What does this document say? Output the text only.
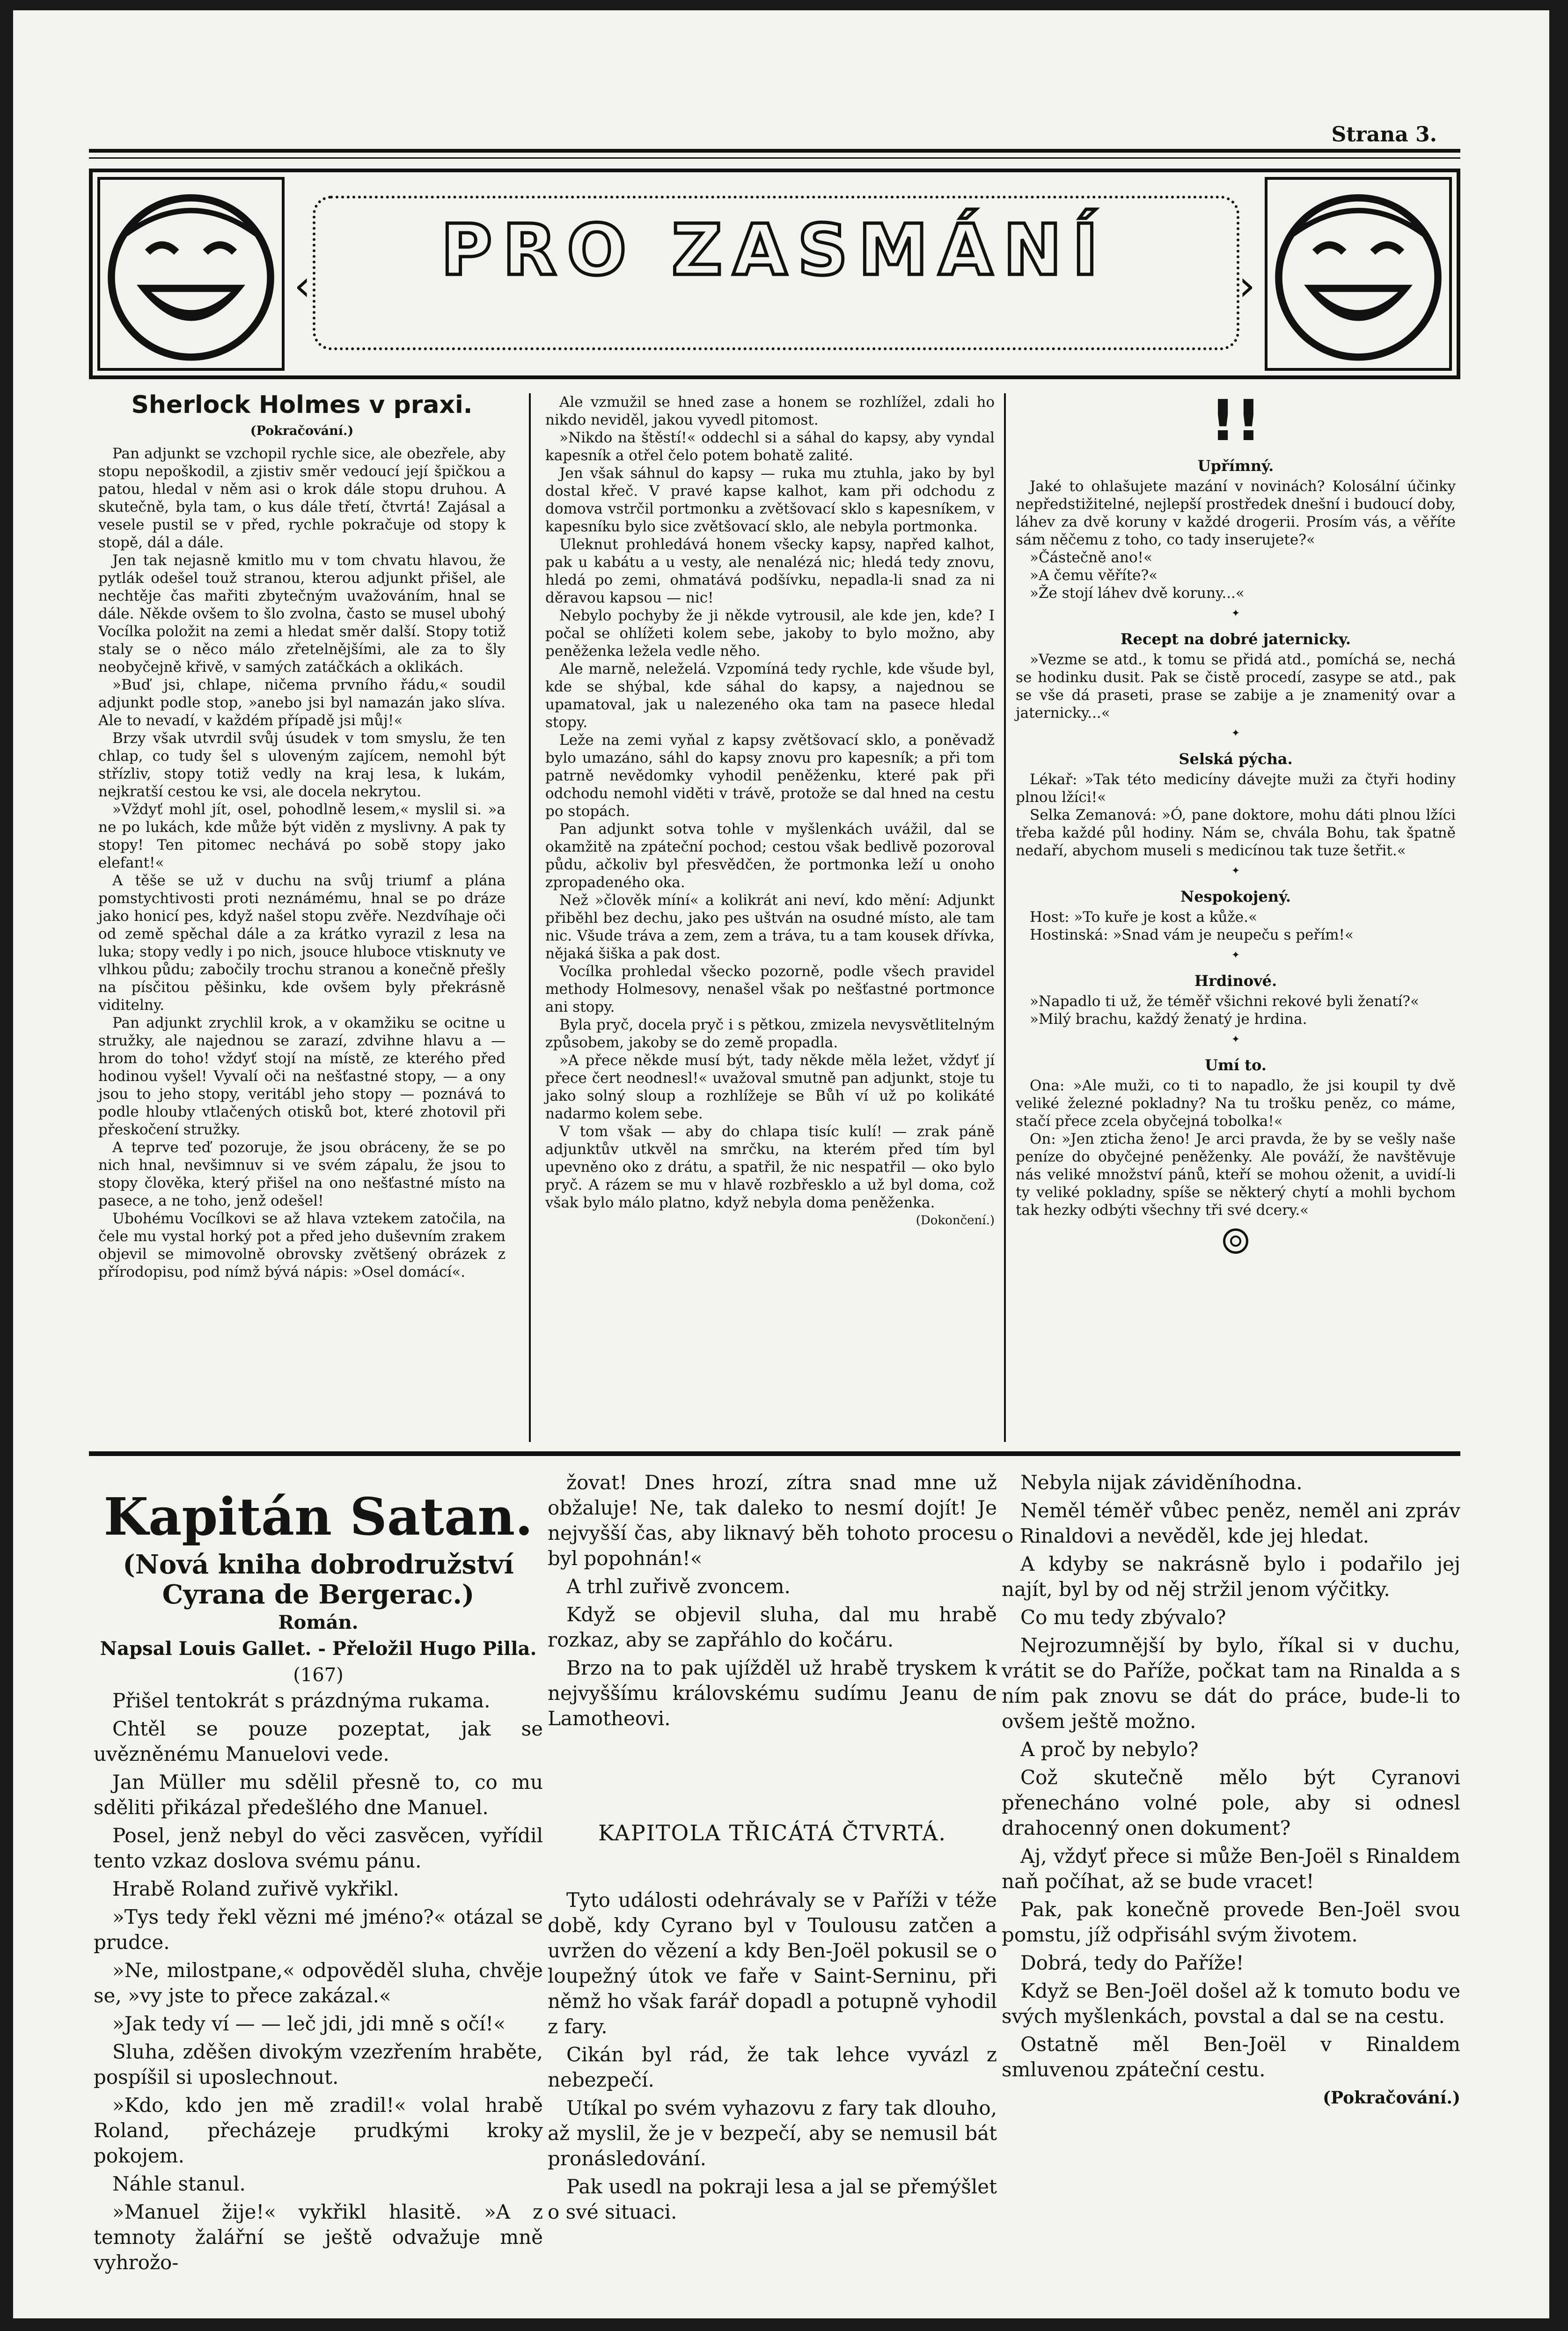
Strana 3.
‹	›
PRO ZASMÁNÍ
Sherlock Holmes v praxi.
(Pokračování.)

Pan adjunkt se vzchopil rychle sice, ale obezřele, aby stopu nepoškodil, a zjistiv směr vedoucí její špičkou a patou, hledal v něm asi o krok dále stopu druhou. A skutečně, byla tam, o kus dále třetí, čtvrtá! Zajásal a vesele pustil se v před, rychle pokračuje od stopy k stopě, dál a dále.

Jen tak nejasně kmitlo mu v tom chvatu hlavou, že pytlák odešel touž stranou, kterou adjunkt přišel, ale nechtěje čas mařiti zbytečným uvažováním, hnal se dále. Někde ovšem to šlo zvolna, často se musel ubohý Vocílka položit na zemi a hledat směr další. Stopy totiž staly se o něco málo zřetelnějšími, ale za to šly neobyčejně křivě, v samých zatáčkách a oklikách.

»Buď jsi, chlape, ničema prvního řádu,« soudil adjunkt podle stop, »anebo jsi byl namazán jako slíva. Ale to nevadí, v každém případě jsi můj!«

Brzy však utvrdil svůj úsudek v tom smyslu, že ten chlap, co tudy šel s uloveným zajícem, nemohl být střízliv, stopy totiž vedly na kraj lesa, k lukám, nejkratší cestou ke vsi, ale docela nekrytou.

»Vždyť mohl jít, osel, pohodlně lesem,« myslil si. »a ne po lukách, kde může být viděn z myslivny. A pak ty stopy! Ten pitomec nechává po sobě stopy jako elefant!«

A těše se už v duchu na svůj triumf a plána pomstychtivosti proti neznámému, hnal se po dráze jako honicí pes, když našel stopu zvěře. Nezdvíhaje oči od země spěchal dále a za krátko vyrazil z lesa na luka; stopy vedly i po nich, jsouce hluboce vtisknuty ve vlhkou půdu; zabočily trochu stranou a konečně přešly na písčitou pěšinku, kde ovšem byly překrásně viditelny.

Pan adjunkt zrychlil krok, a v okamžiku se ocitne u stružky, ale najednou se zarazí, zdvihne hlavu a — hrom do toho! vždyť stojí na místě, ze kterého před hodinou vyšel! Vyvalí oči na nešťastné stopy, — a ony jsou to jeho stopy, veritábl jeho stopy — poznává to podle hlouby vtlačených otisků bot, které zhotovil při přeskočení stružky.

A teprve teď pozoruje, že jsou obráceny, že se po nich hnal, nevšimnuv si ve svém zápalu, že jsou to stopy člověka, který přišel na ono nešťastné místo na pasece, a ne toho, jenž odešel!

Ubohému Vocílkovi se až hlava vztekem zatočila, na čele mu vystal horký pot a před jeho duševním zrakem objevil se mimovolně obrovsky zvětšený obrázek z přírodopisu, pod nímž bývá nápis: »Osel domácí«.

Ale vzmužil se hned zase a honem se rozhlížel, zdali ho nikdo neviděl, jakou vyvedl pitomost.

»Nikdo na štěstí!« oddechl si a sáhal do kapsy, aby vyndal kapesník a otřel čelo potem bohatě zalité.

Jen však sáhnul do kapsy — ruka mu ztuhla, jako by byl dostal křeč. V pravé kapse kalhot, kam při odchodu z domova vstrčil portmonku a zvětšovací sklo s kapesníkem, v kapesníku bylo sice zvětšovací sklo, ale nebyla portmonka.

Uleknut prohledává honem všecky kapsy, napřed kalhot, pak u kabátu a u vesty, ale nenalézá nic; hledá tedy znovu, hledá po zemi, ohmatává podšívku, nepadla-li snad za ni děravou kapsou — nic!

Nebylo pochyby že ji někde vytrousil, ale kde jen, kde? I počal se ohlížeti kolem sebe, jakoby to bylo možno, aby peněženka ležela vedle něho.

Ale marně, neleželá. Vzpomíná tedy rychle, kde všude byl, kde se shýbal, kde sáhal do kapsy, a najednou se upamatoval, jak u nalezeného oka tam na pasece hledal stopy.

Leže na zemi vyňal z kapsy zvětšovací sklo, a poněvadž bylo umazáno, sáhl do kapsy znovu pro kapesník; a při tom patrně nevědomky vyhodil peněženku, které pak při odchodu nemohl viděti v trávě, protože se dal hned na cestu po stopách.

Pan adjunkt sotva tohle v myšlenkách uvážil, dal se okamžitě na zpáteční pochod; cestou však bedlivě pozoroval půdu, ačkoliv byl přesvědčen, že portmonka leží u onoho zpropadeného oka.

Než »člověk míní« a kolikrát ani neví, kdo mění: Adjunkt přiběhl bez dechu, jako pes uštván na osudné místo, ale tam nic. Všude tráva a zem, zem a tráva, tu a tam kousek dřívka, nějaká šiška a pak dost.

Vocílka prohledal všecko pozorně, podle všech pravidel methody Holmesovy, nenašel však po nešťastné portmonce ani stopy.

Byla pryč, docela pryč i s pětkou, zmizela nevysvětlitelným způsobem, jakoby se do země propadla.

»A přece někde musí být, tady někde měla ležet, vždyť jí přece čert neodnesl!« uvažoval smutně pan adjunkt, stoje tu jako solný sloup a rozhlížeje se Bůh ví už po kolikáté nadarmo kolem sebe.

V tom však — aby do chlapa tisíc kulí! — zrak páně adjunktův utkvěl na smrčku, na kterém před tím byl upevněno oko z drátu, a spatřil, že nic nespatřil — oko bylo pryč. A rázem se mu v hlavě rozbřesklo a už byl doma, což však bylo málo platno, když nebyla doma peněženka.

(Dokončení.)
!!
Upřímný.

Jaké to ohlašujete mazání v novinách? Kolosální účinky nepředstižitelné, nejlepší prostředek dnešní i budoucí doby, láhev za dvě koruny v každé drogerii. Prosím vás, a věříte sám něčemu z toho, co tady inserujete?«

»Částečně ano!«

»A čemu věříte?«

»Že stojí láhev dvě koruny...«

✦
Recept na dobré jaternicky.

»Vezme se atd., k tomu se přidá atd., pomíchá se, nechá se hodinku dusit. Pak se čistě procedí, zasype se atd., pak se vše dá praseti, prase se zabije a je znamenitý ovar a jaternicky...«

✦
Selská pýcha.

Lékař: »Tak této medicíny dávejte muži za čtyři hodiny plnou lžíci!«

Selka Zemanová: »Ó, pane doktore, mohu dáti plnou lžíci třeba každé půl hodiny. Nám se, chvála Bohu, tak špatně nedaří, abychom museli s medicínou tak tuze šetřit.«

✦
Nespokojený.

Host: »To kuře je kost a kůže.«

Hostinská: »Snad vám je neupeču s peřím!«

✦
Hrdinové.

»Napadlo ti už, že téměř všichni rekové byli ženatí?«

»Milý brachu, každý ženatý je hrdina.

✦
Umí to.

Ona: »Ale muži, co ti to napadlo, že jsi koupil ty dvě veliké železné pokladny? Na tu trošku peněz, co máme, stačí přece zcela obyčejná tobolka!«

On: »Jen zticha ženo! Je arci pravda, že by se vešly naše peníze do obyčejné peněženky. Ale pováží, že navštěvuje nás veliké množství pánů, kteří se mohou oženit, a uvidí-li ty veliké pokladny, spíše se některý chytí a mohli bychom tak hezky odbýti všechny tři své dcery.«

Kapitán Satan.
(Nová kniha dobrodružství Cyrana de Bergerac.)
Román.
Napsal Louis Gallet. - Přeložil Hugo Pilla.
(167)

Přišel tentokrát s prázdnýma rukama.

Chtěl se pouze pozeptat, jak se uvězněnému Manuelovi vede.

Jan Müller mu sdělil přesně to, co mu sděliti přikázal předešlého dne Manuel.

Posel, jenž nebyl do věci zasvěcen, vyřídil tento vzkaz doslova svému pánu.

Hrabě Roland zuřivě vykřikl.

»Tys tedy řekl vězni mé jméno?« otázal se prudce.

»Ne, milostpane,« odpověděl sluha, chvěje se, »vy jste to přece zakázal.«

»Jak tedy ví — — leč jdi, jdi mně s očí!«

Sluha, zděšen divokým vzezřením hraběte, pospíšil si uposlechnout.

»Kdo, kdo jen mě zradil!« volal hrabě Roland, přecházeje prudkými kroky pokojem.

Náhle stanul.

»Manuel žije!« vykřikl hlasitě. »A z temnoty žalářní se ještě odvažuje mně vyhrožo-

žovat! Dnes hrozí, zítra snad mne už obžaluje! Ne, tak daleko to nesmí dojít! Je nejvyšší čas, aby liknavý běh tohoto procesu byl popohnán!«

A trhl zuřivě zvoncem.

Když se objevil sluha, dal mu hrabě rozkaz, aby se zapřáhlo do kočáru.

Brzo na to pak ujížděl už hrabě tryskem k nejvyššímu královskému sudímu Jeanu de Lamotheovi.

KAPITOLA TŘICÁTÁ ČTVRTÁ.

Tyto události odehrávaly se v Paříži v téže době, kdy Cyrano byl v Toulousu zatčen a uvržen do vězení a kdy Ben-Joël pokusil se o loupežný útok ve faře v Saint-Serninu, při němž ho však farář dopadl a potupně vyhodil z fary.

Cikán byl rád, že tak lehce vyvázl z nebezpečí.

Utíkal po svém vyhazovu z fary tak dlouho, až myslil, že je v bezpečí, aby se nemusil bát pronásledování.

Pak usedl na pokraji lesa a jal se přemýšlet o své situaci.

Nebyla nijak záviděníhodna.

Neměl téměř vůbec peněz, neměl ani zpráv o Rinaldovi a nevěděl, kde jej hledat.

A kdyby se nakrásně bylo i podařilo jej najít, byl by od něj stržil jenom výčitky.

Co mu tedy zbývalo?

Nejrozumnější by bylo, říkal si v duchu, vrátit se do Paříže, počkat tam na Rinalda a s ním pak znovu se dát do práce, bude-li to ovšem ještě možno.

A proč by nebylo?

Což skutečně mělo být Cyranovi přenecháno volné pole, aby si odnesl drahocenný onen dokument?

Aj, vždyť přece si může Ben-Joël s Rinaldem naň počíhat, až se bude vracet!

Pak, pak konečně provede Ben-Joël svou pomstu, jíž odpřisáhl svým životem.

Dobrá, tedy do Paříže!

Když se Ben-Joël došel až k tomuto bodu ve svých myšlenkách, povstal a dal se na cestu.

Ostatně měl Ben-Joël v Rinaldem smluvenou zpáteční cestu.

(Pokračování.)
